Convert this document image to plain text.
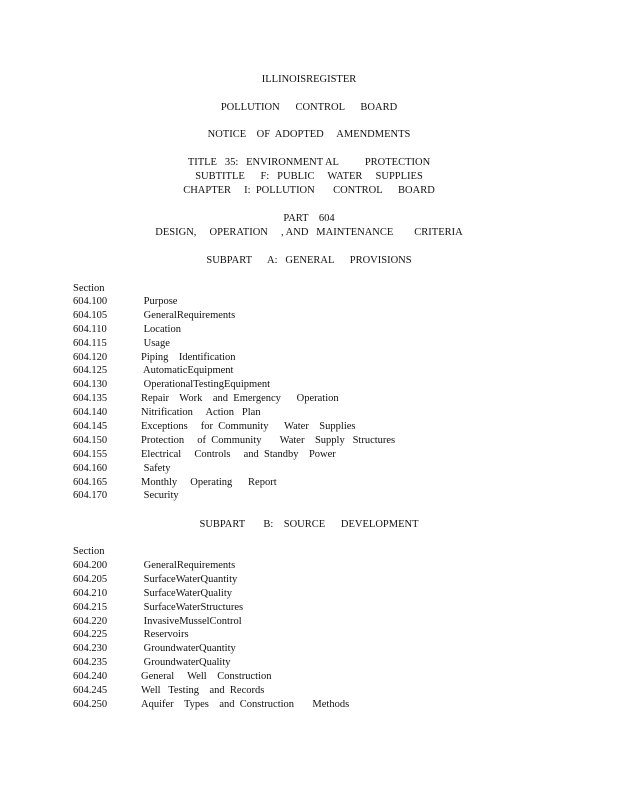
ILLINOISREGISTER
POLLUTION      CONTROL      BOARD
NOTICE    OF  ADOPTED     AMENDMENTS
TITLE   35:   ENVIRONMENT AL          PROTECTION
SUBTITLE      F:   PUBLIC     WATER     SUPPLIES
CHAPTER     I:  POLLUTION       CONTROL      BOARD
PART    604
DESIGN,     OPERATION     , AND   MAINTENANCE        CRITERIA
SUBPART      A:   GENERAL      PROVISIONS
Section
604.100	Purpose
604.105	GeneralRequirements
604.110	Location
604.115	Usage
604.120	Piping    Identification
604.125	AutomaticEquipment
604.130	OperationalTestingEquipment
604.135	Repair    Work    and  Emergency      Operation
604.140	Nitrification     Action   Plan
604.145	Exceptions     for  Community      Water    Supplies
604.150	Protection     of  Community       Water    Supply   Structures
604.155	Electrical     Controls     and  Standby    Power
604.160	Safety
604.165	Monthly     Operating      Report
604.170	Security
SUBPART       B:    SOURCE      DEVELOPMENT
Section
604.200	GeneralRequirements
604.205	SurfaceWaterQuantity
604.210	SurfaceWaterQuality
604.215	SurfaceWaterStructures
604.220	InvasiveMusselControl
604.225	Reservoirs
604.230	GroundwaterQuantity
604.235	GroundwaterQuality
604.240	General     Well    Construction
604.245	Well   Testing    and  Records
604.250	Aquifer    Types    and  Construction       Methods
